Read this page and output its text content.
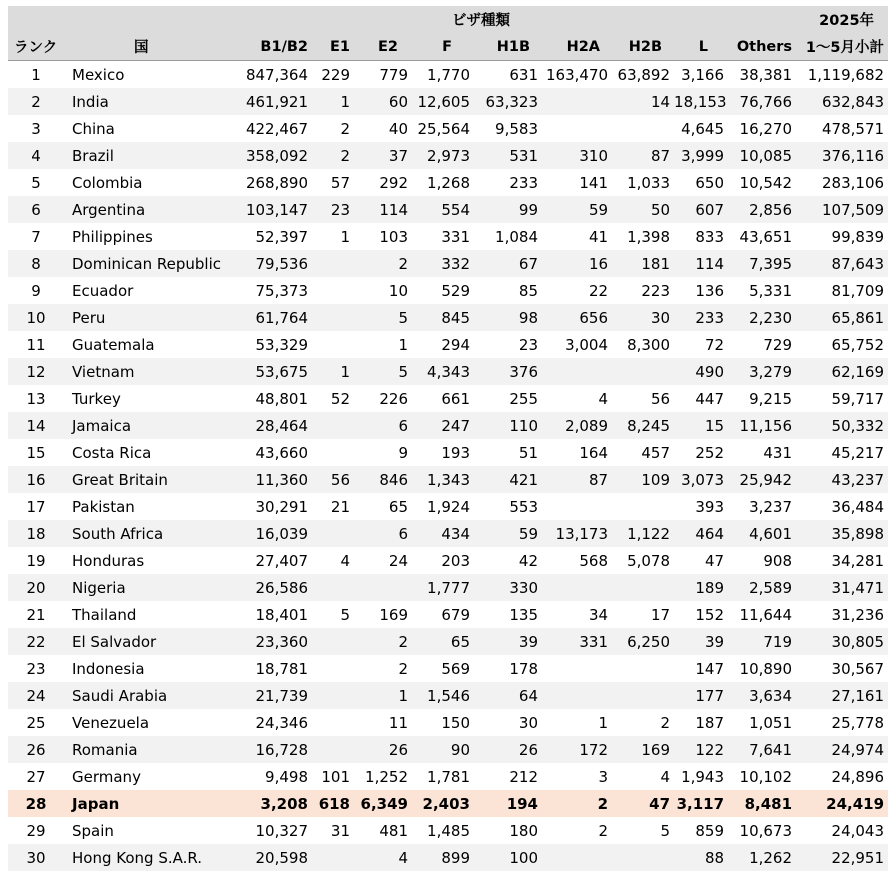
					ビザ種類						2025年
ランク	国	B1/B2	E1	E2	F	H1B	H2A	H2B	L	Others	1～5月小計
1	Mexico	847,364	229	779	1,770	631	163,470	63,892	3,166	38,381	1,119,682
2	India	461,921	1	60	12,605	63,323		14	18,153	76,766	632,843
3	China	422,467	2	40	25,564	9,583			4,645	16,270	478,571
4	Brazil	358,092	2	37	2,973	531	310	87	3,999	10,085	376,116
5	Colombia	268,890	57	292	1,268	233	141	1,033	650	10,542	283,106
6	Argentina	103,147	23	114	554	99	59	50	607	2,856	107,509
7	Philippines	52,397	1	103	331	1,084	41	1,398	833	43,651	99,839
8	Dominican Republic	79,536		2	332	67	16	181	114	7,395	87,643
9	Ecuador	75,373		10	529	85	22	223	136	5,331	81,709
10	Peru	61,764		5	845	98	656	30	233	2,230	65,861
11	Guatemala	53,329		1	294	23	3,004	8,300	72	729	65,752
12	Vietnam	53,675	1	5	4,343	376			490	3,279	62,169
13	Turkey	48,801	52	226	661	255	4	56	447	9,215	59,717
14	Jamaica	28,464		6	247	110	2,089	8,245	15	11,156	50,332
15	Costa Rica	43,660		9	193	51	164	457	252	431	45,217
16	Great Britain	11,360	56	846	1,343	421	87	109	3,073	25,942	43,237
17	Pakistan	30,291	21	65	1,924	553			393	3,237	36,484
18	South Africa	16,039		6	434	59	13,173	1,122	464	4,601	35,898
19	Honduras	27,407	4	24	203	42	568	5,078	47	908	34,281
20	Nigeria	26,586			1,777	330			189	2,589	31,471
21	Thailand	18,401	5	169	679	135	34	17	152	11,644	31,236
22	El Salvador	23,360		2	65	39	331	6,250	39	719	30,805
23	Indonesia	18,781		2	569	178			147	10,890	30,567
24	Saudi Arabia	21,739		1	1,546	64			177	3,634	27,161
25	Venezuela	24,346		11	150	30	1	2	187	1,051	25,778
26	Romania	16,728		26	90	26	172	169	122	7,641	24,974
27	Germany	9,498	101	1,252	1,781	212	3	4	1,943	10,102	24,896
28	Japan	3,208	618	6,349	2,403	194	2	47	3,117	8,481	24,419
29	Spain	10,327	31	481	1,485	180	2	5	859	10,673	24,043
30	Hong Kong S.A.R.	20,598		4	899	100			88	1,262	22,951
